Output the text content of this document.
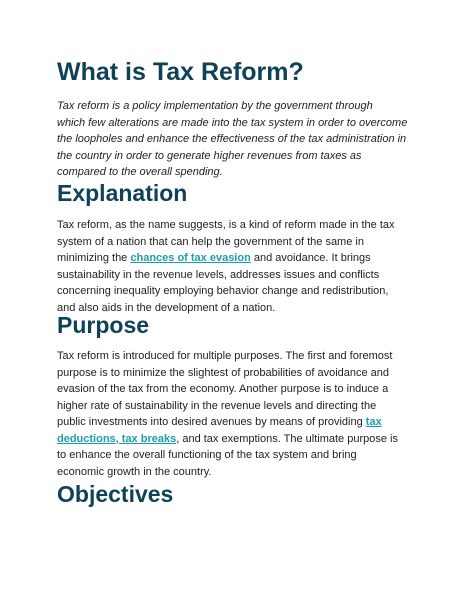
What is Tax Reform?

Tax reform is a policy implementation by the government through
which few alterations are made into the tax system in order to overcome
the loopholes and enhance the effectiveness of the tax administration in
the country in order to generate higher revenues from taxes as
compared to the overall spending.

Explanation

Tax reform, as the name suggests, is a kind of reform made in the tax
system of a nation that can help the government of the same in
minimizing the chances of tax evasion and avoidance. It brings
sustainability in the revenue levels, addresses issues and conflicts
concerning inequality employing behavior change and redistribution,
and also aids in the development of a nation.

Purpose

Tax reform is introduced for multiple purposes. The first and foremost
purpose is to minimize the slightest of probabilities of avoidance and
evasion of the tax from the economy. Another purpose is to induce a
higher rate of sustainability in the revenue levels and directing the
public investments into desired avenues by means of providing tax
deductions, tax breaks, and tax exemptions. The ultimate purpose is
to enhance the overall functioning of the tax system and bring
economic growth in the country.

Objectives
